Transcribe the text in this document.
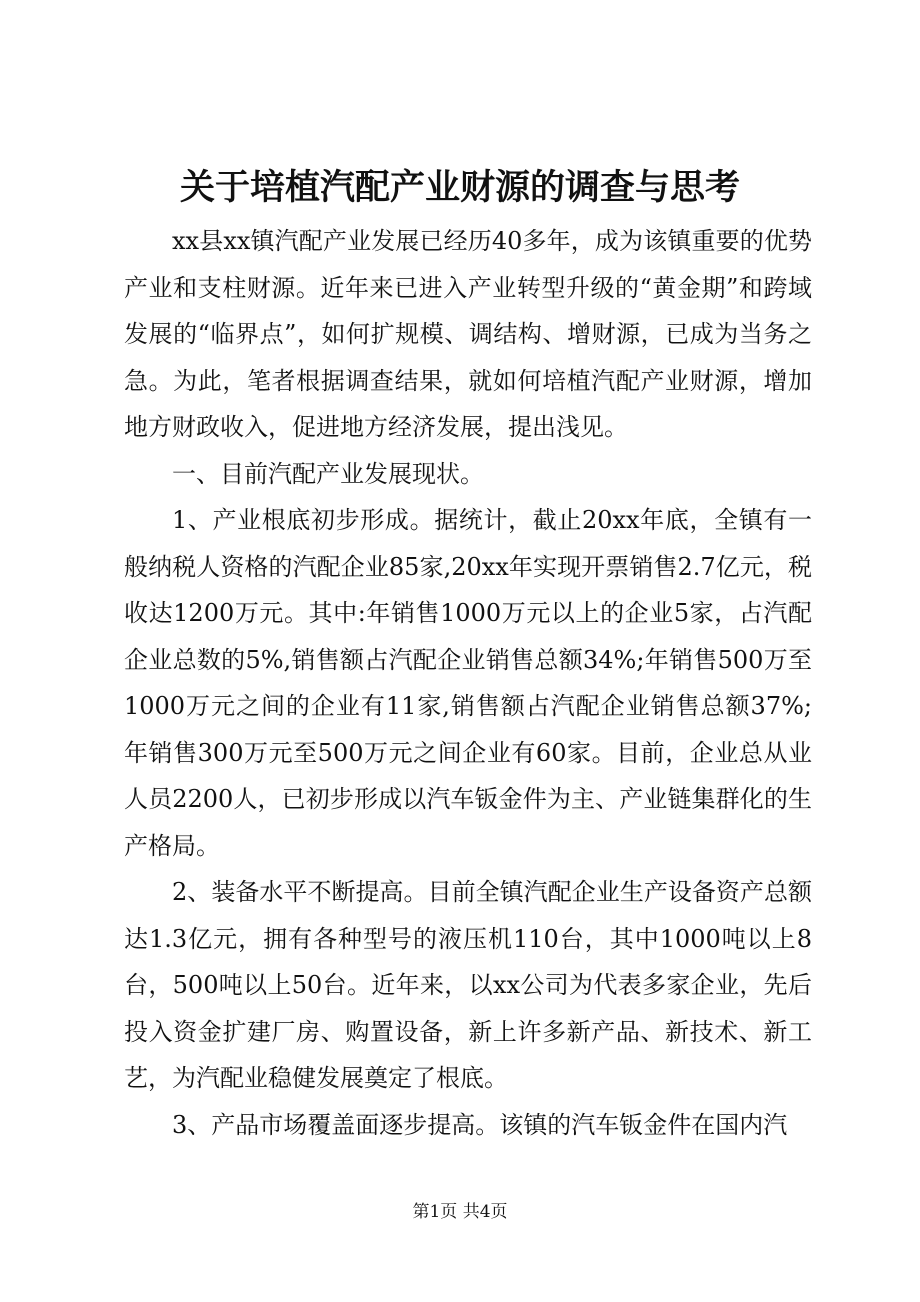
关于培植汽配产业财源的调查与思考

xx县xx镇汽配产业发展已经历40多年，成为该镇重要的优势产业和支柱财源。近年来已进入产业转型升级的“黄金期”和跨域发展的“临界点”，如何扩规模、调结构、增财源，已成为当务之急。为此，笔者根据调查结果，就如何培植汽配产业财源，增加地方财政收入，促进地方经济发展，提出浅见。

一、目前汽配产业发展现状。

1、产业根底初步形成。据统计，截止20xx年底，全镇有一般纳税人资格的汽配企业85家,20xx年实现开票销售2.7亿元，税收达1200万元。其中:年销售1000万元以上的企业5家，占汽配企业总数的5%,销售额占汽配企业销售总额34%;年销售500万至1000万元之间的企业有11家,销售额占汽配企业销售总额37%;年销售300万元至500万元之间企业有60家。目前，企业总从业人员2200人，已初步形成以汽车钣金件为主、产业链集群化的生产格局。

2、装备水平不断提高。目前全镇汽配企业生产设备资产总额达1.3亿元，拥有各种型号的液压机110台，其中1000吨以上8台，500吨以上50台。近年来，以xx公司为代表多家企业，先后投入资金扩建厂房、购置设备，新上许多新产品、新技术、新工艺，为汽配业稳健发展奠定了根底。

3、产品市场覆盖面逐步提高。该镇的汽车钣金件在国内汽

第1页 共4页
